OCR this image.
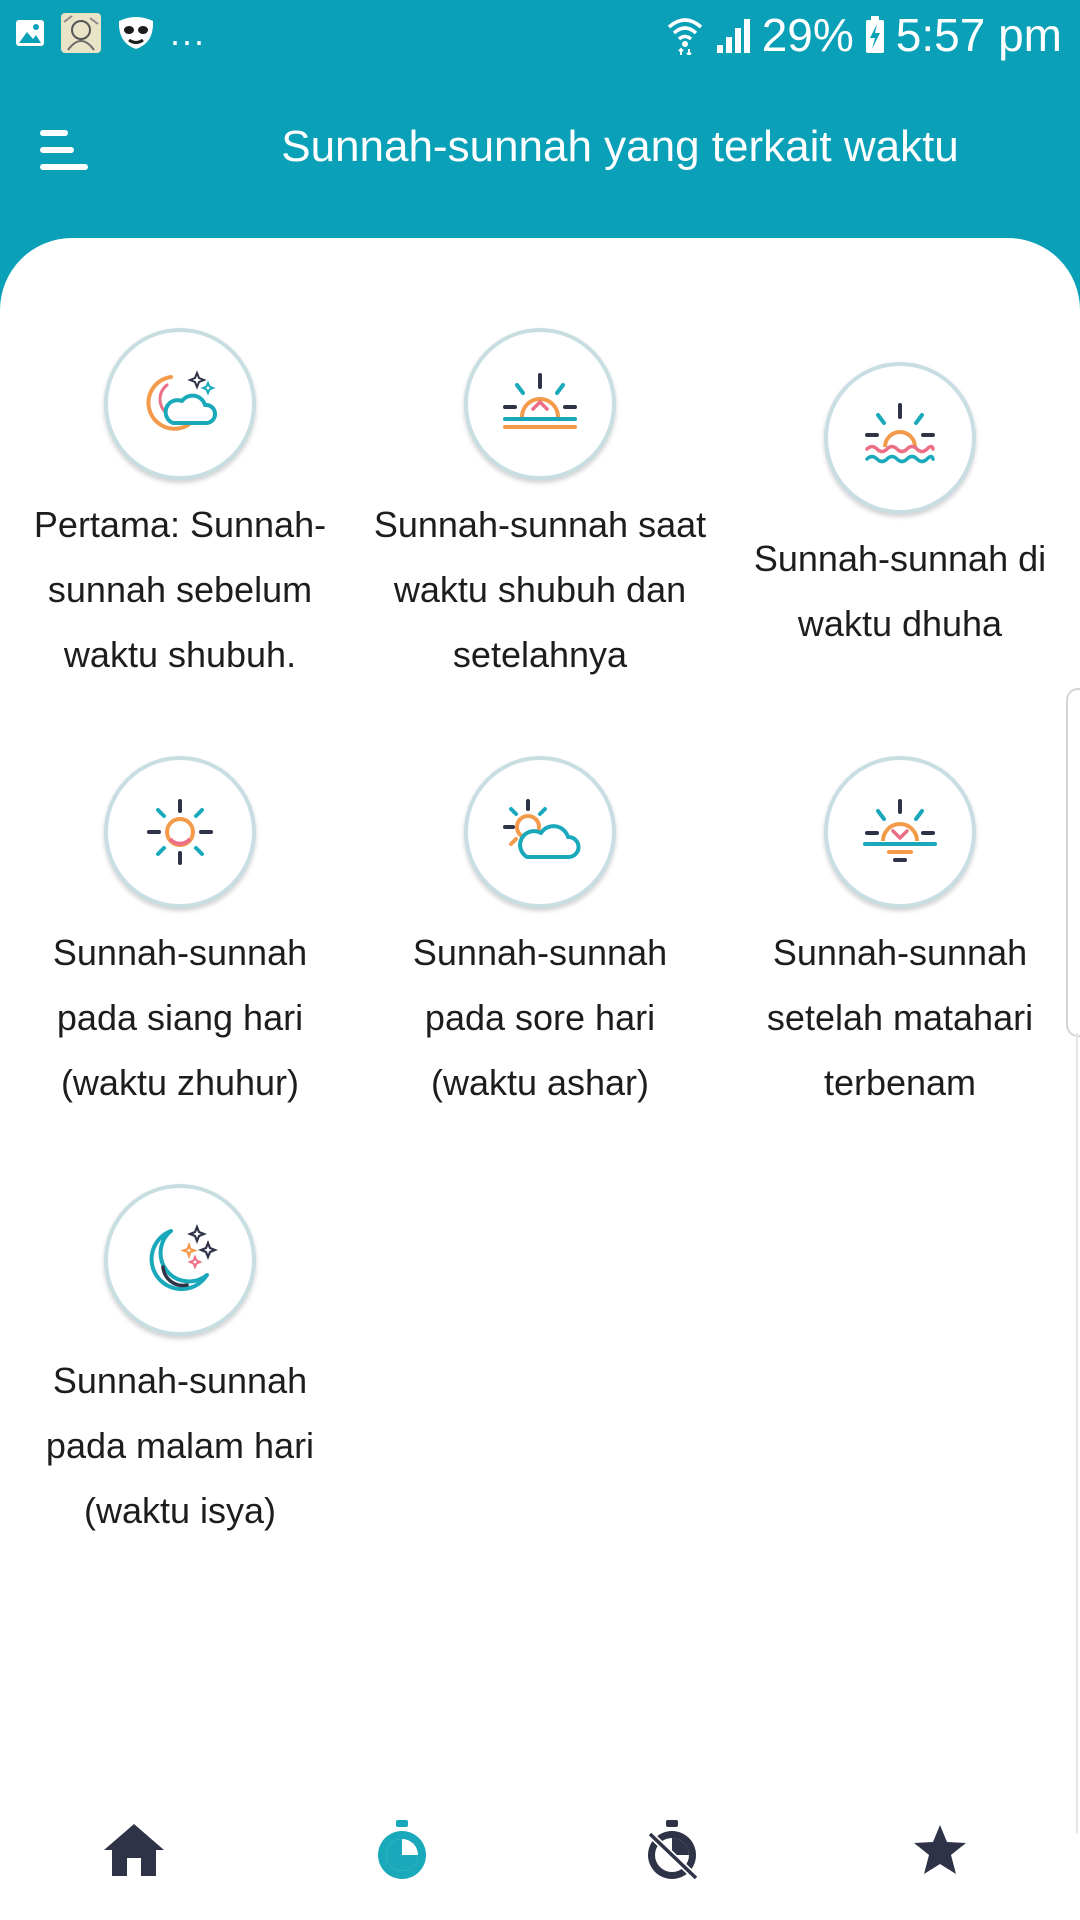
...	29% 5:57 pm
Sunnah-sunnah yang terkait waktu
Pertama: Sunnah-
sunnah sebelum
waktu shubuh.
Sunnah-sunnah saat
waktu shubuh dan
setelahnya
Sunnah-sunnah di
waktu dhuha
Sunnah-sunnah
pada siang hari
(waktu zhuhur)
Sunnah-sunnah
pada sore hari
(waktu ashar)
Sunnah-sunnah
setelah matahari
terbenam
Sunnah-sunnah
pada malam hari
(waktu isya)
